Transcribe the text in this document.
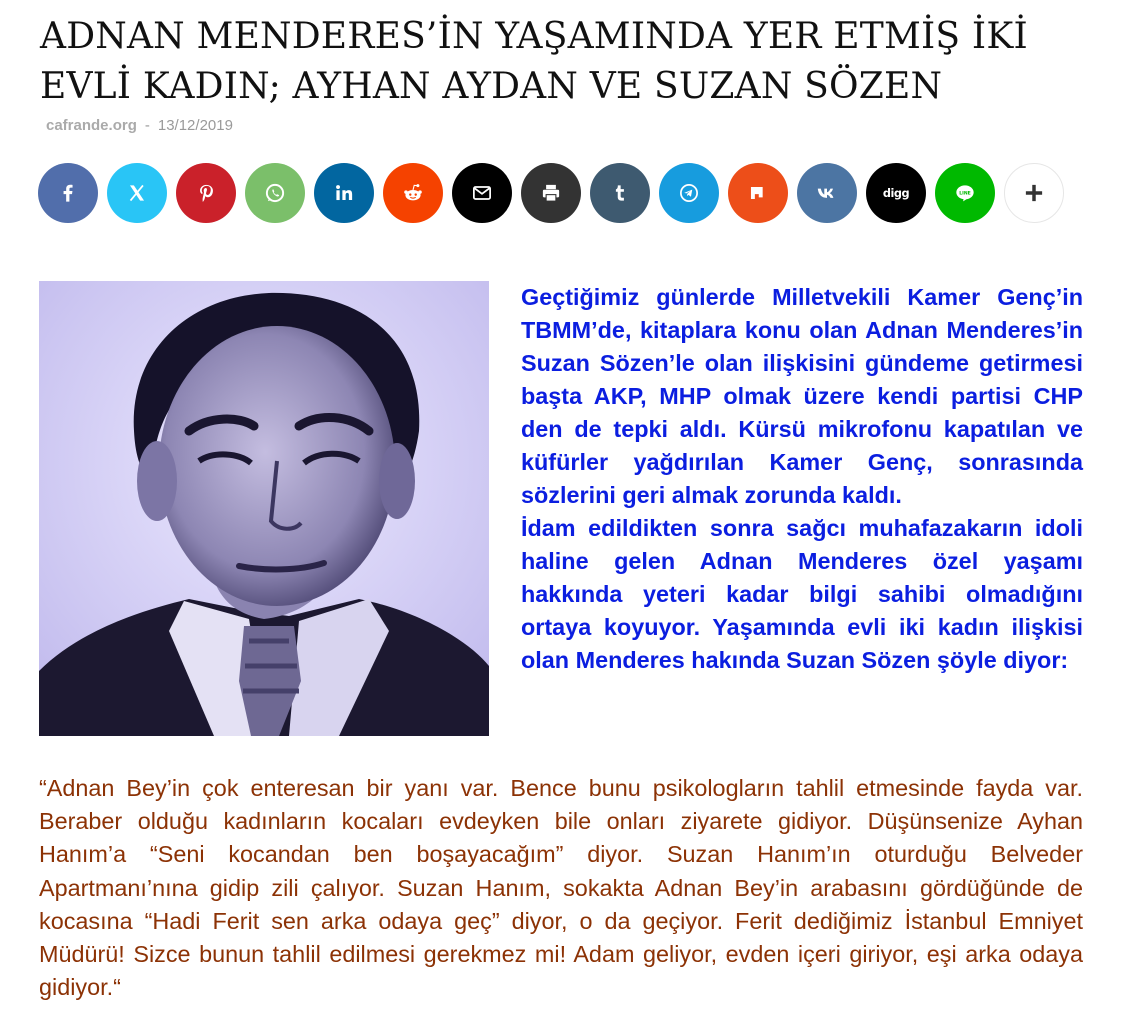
ADNAN MENDERES’İN YAŞAMINDA YER ETMİŞ İKİ EVLİ KADIN; AYHAN AYDAN VE SUZAN SÖZEN
cafrande.org - 13/12/2019
digg	LINE
Geçtiğimiz günlerde Milletvekili Kamer Genç’in TBMM’de, kitaplara konu olan Adnan Menderes’in Suzan Sözen’le olan ilişkisini gündeme getirmesi başta AKP, MHP olmak üzere kendi partisi CHP den de tepki aldı. Kürsü mikrofonu kapatılan ve küfürler yağdırılan Kamer Genç, sonrasında sözlerini geri almak zorunda kaldı.
İdam edildikten sonra sağcı muhafazakarın idoli haline gelen Adnan Menderes özel yaşamı hakkında yeteri kadar bilgi sahibi olmadığını ortaya koyuyor. Yaşamında evli iki kadın ilişkisi olan Menderes hakında Suzan Sözen şöyle diyor:

“Adnan Bey’in çok enteresan bir yanı var. Bence bunu psikologların tahlil etmesinde fayda var. Beraber olduğu kadınların kocaları evdeyken bile onları ziyarete gidiyor. Düşünsenize Ayhan Hanım’a “Seni kocandan ben boşayacağım” diyor. Suzan Hanım’ın oturduğu Belveder Apartmanı’nına gidip zili çalıyor. Suzan Hanım, sokakta Adnan Bey’in arabasını gördüğünde de kocasına “Hadi Ferit sen arka odaya geç” diyor, o da geçiyor. Ferit dediğimiz İstanbul Emniyet Müdürü! Sizce bunun tahlil edilmesi gerekmez mi! Adam geliyor, evden içeri giriyor, eşi arka odaya gidiyor.“
